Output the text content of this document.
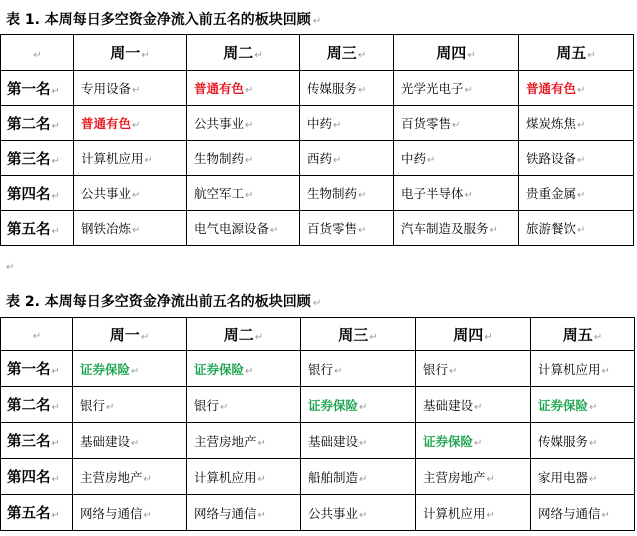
表 1. 本周每日多空资金净流入前五名的板块回顾 ↵
↵	周一↵	周二↵	周三↵	周四↵	周五↵
第一名↵	专用设备↵	普通有色↵	传媒服务↵	光学光电子↵	普通有色↵
第二名↵	普通有色↵	公共事业↵	中药↵	百货零售↵	煤炭炼焦↵
第三名↵	计算机应用↵	生物制药↵	西药↵	中药↵	铁路设备↵
第四名↵	公共事业↵	航空军工↵	生物制药↵	电子半导体↵	贵重金属↵
第五名↵	钢铁冶炼↵	电气电源设备↵	百货零售↵	汽车制造及服务↵	旅游餐饮↵
↵
表 2. 本周每日多空资金净流出前五名的板块回顾 ↵
↵	周一↵	周二↵	周三↵	周四↵	周五↵
第一名↵	证券保险↵	证券保险↵	银行↵	银行↵	计算机应用↵
第二名↵	银行↵	银行↵	证券保险↵	基础建设↵	证券保险↵
第三名↵	基础建设↵	主营房地产↵	基础建设↵	证券保险↵	传媒服务↵
第四名↵	主营房地产↵	计算机应用↵	船舶制造↵	主营房地产↵	家用电器↵
第五名↵	网络与通信↵	网络与通信↵	公共事业↵	计算机应用↵	网络与通信↵
